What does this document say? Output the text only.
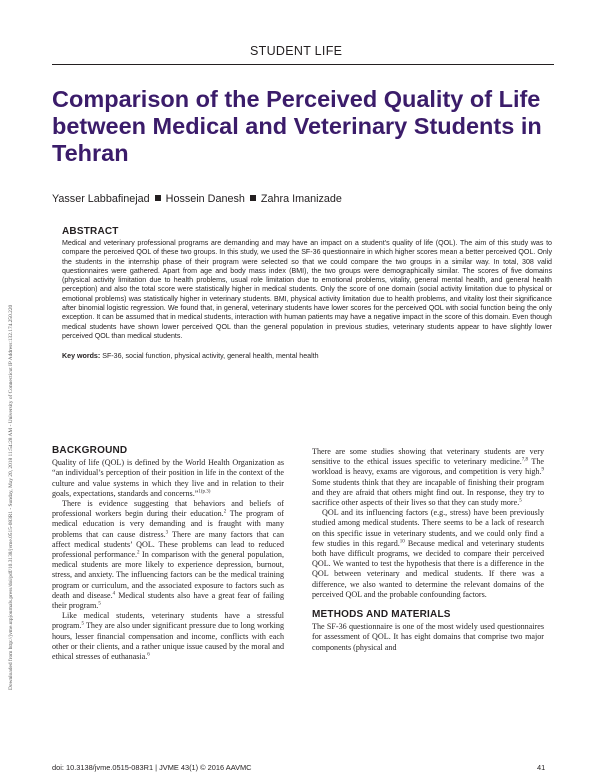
Downloaded from http://jvme.utpjournals.press/doi/pdf/10.3138/jvme.0515-083R1 - Sunday, May 20, 2018 11:54:28 AM - University of Connecticut IP Address:132.174.250.220
STUDENT LIFE
Comparison of the Perceived Quality of Life between Medical and Veterinary Students in Tehran
Yasser Labbafinejad Hossein Danesh Zahra Imanizade
ABSTRACT

Medical and veterinary professional programs are demanding and may have an impact on a student's quality of life (QOL). The aim of this study was to compare the perceived QOL of these two groups. In this study, we used the SF-36 questionnaire in which higher scores mean a better perceived QOL. Only the students in the internship phase of their program were selected so that we could compare the two groups in a similar way. In total, 308 valid questionnaires were gathered. Apart from age and body mass index (BMI), the two groups were demographically similar. The scores of five domains (physical activity limitation due to health problems, usual role limitation due to emotional problems, vitality, general mental health, and general health perception) and also the total score were statistically higher in medical students. Only the score of one domain (social activity limitation due to physical or emotional problems) was statistically higher in veterinary students. BMI, physical activity limitation due to health problems, and vitality lost their significance after binomial logistic regression. We found that, in general, veterinary students have lower scores for the perceived QOL with social function being the only exception. It can be assumed that in medical students, interaction with human patients may have a negative impact in the score of this domain. Even though medical students have shown lower perceived QOL than the general population in previous studies, veterinary students appear to have slightly lower perceived QOL than medical students.

Key words: SF-36, social function, physical activity, general health, mental health

BACKGROUND

Quality of life (QOL) is defined by the World Health Organization as “an individual’s perception of their position in life in the context of the culture and value systems in which they live and in relation to their goals, expectations, standards and concerns.”$^{1(p.3)}$

There is evidence suggesting that behaviors and beliefs of professional workers begin during their education.$^2$ The program of medical education is very demanding and is fraught with many problems that can cause distress.$^3$ There are many factors that can affect medical students’ QOL. These problems can lead to reduced professional performance.$^2$ In comparison with the general population, medical students are more likely to experience depression, burnout, stress, and anxiety. The influencing factors can be the medical training program or curriculum, and the associated exposure to factors such as death and disease.$^4$ Medical students also have a great fear of failing their program.$^5$

Like medical students, veterinary students have a stressful program.$^5$ They are also under significant pressure due to long working hours, lesser financial compensation and income, conflicts with each other or their clients, and a rather unique issue caused by the moral and ethical stresses of euthanasia.$^6$

There are some studies showing that veterinary students are very sensitive to the ethical issues specific to veterinary medicine.$^{7,8}$ The workload is heavy, exams are vigorous, and competition is very high.$^9$ Some students think that they are incapable of finishing their program and they are afraid that others might find out. In response, they try to sacrifice other aspects of their lives so that they can study more.$^5$

QOL and its influencing factors (e.g., stress) have been previously studied among medical students. There seems to be a lack of research on this specific issue in veterinary students, and we could only find a few studies in this regard.$^{10}$ Because medical and veterinary students both have difficult programs, we decided to compare their perceived QOL. We wanted to test the hypothesis that there is a difference in the QOL between veterinary and medical students. If there was a difference, we also wanted to determine the relevant domains of the perceived QOL and the probable confounding factors.

METHODS AND MATERIALS

The SF-36 questionnaire is one of the most widely used questionnaires for assessment of QOL. It has eight domains that comprise two major components (physical and

doi: 10.3138/jvme.0515-083R1 | JVME 43(1) © 2016 AAVMC	41
